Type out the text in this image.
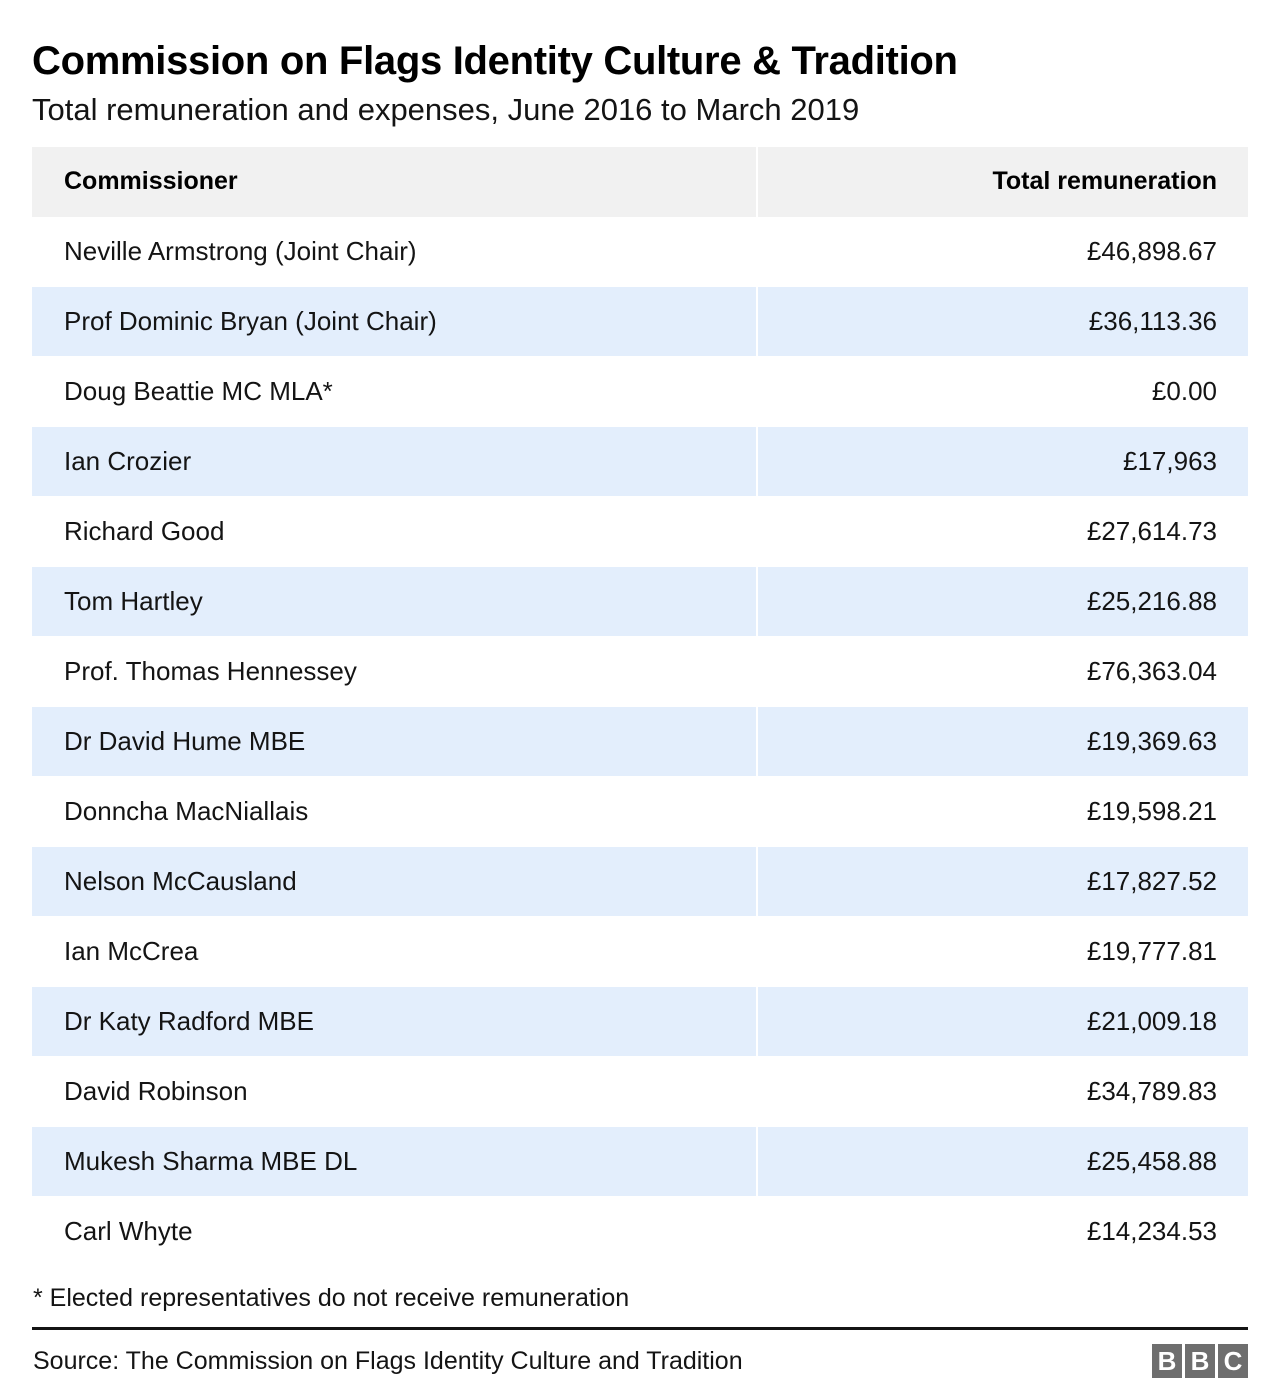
Commission on Flags Identity Culture & Tradition
Total remuneration and expenses, June 2016 to March 2019
Commissioner	Total remuneration
Neville Armstrong (Joint Chair)	£46,898.67
Prof Dominic Bryan (Joint Chair)	£36,113.36
Doug Beattie MC MLA*	£0.00
Ian Crozier	£17,963
Richard Good	£27,614.73
Tom Hartley	£25,216.88
Prof. Thomas Hennessey	£76,363.04
Dr David Hume MBE	£19,369.63
Donncha MacNiallais	£19,598.21
Nelson McCausland	£17,827.52
Ian McCrea	£19,777.81
Dr Katy Radford MBE	£21,009.18
David Robinson	£34,789.83
Mukesh Sharma MBE DL	£25,458.88
Carl Whyte	£14,234.53
* Elected representatives do not receive remuneration
Source: The Commission on Flags Identity Culture and Tradition	B B C
